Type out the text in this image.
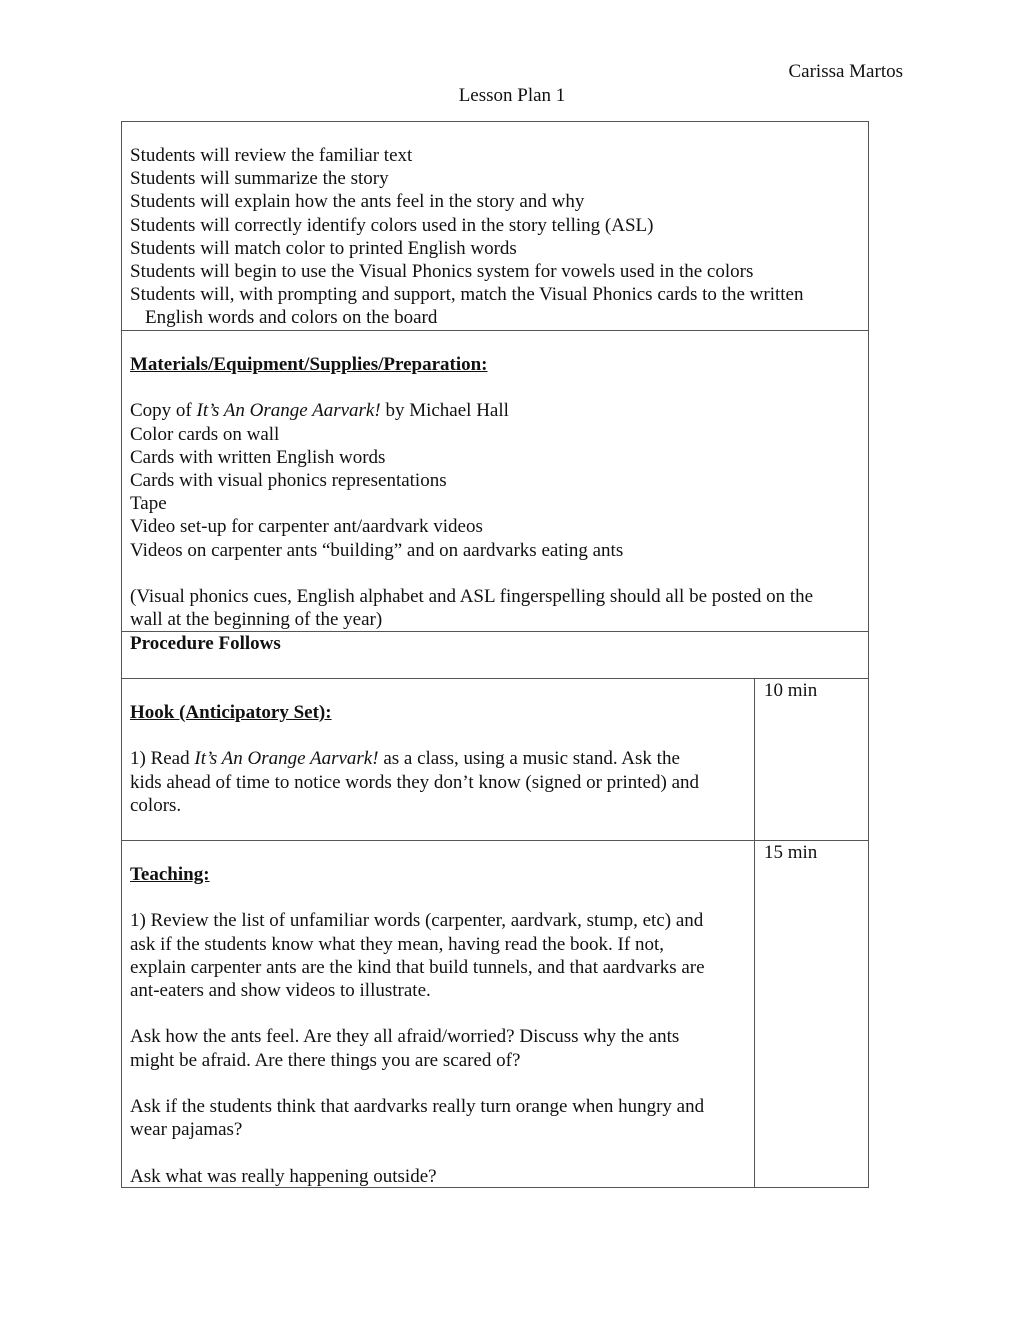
Carissa Martos
Lesson Plan 1
Students will review the familiar text
Students will summarize the story
Students will explain how the ants feel in the story and why
Students will correctly identify colors used in the story telling (ASL)
Students will match color to printed English words
Students will begin to use the Visual Phonics system for vowels used in the colors
Students will, with prompting and support, match the Visual Phonics cards to the written
English words and colors on the board
Materials/Equipment/Supplies/Preparation:
Copy of It’s An Orange Aarvark! by Michael Hall
Color cards on wall
Cards with written English words
Cards with visual phonics representations
Tape
Video set-up for carpenter ant/aardvark videos
Videos on carpenter ants “building” and on aardvarks eating ants
(Visual phonics cues, English alphabet and ASL fingerspelling should all be posted on the
wall at the beginning of the year)
Procedure Follows
Hook (Anticipatory Set):
1) Read It’s An Orange Aarvark! as a class, using a music stand. Ask the
kids ahead of time to notice words they don’t know (signed or printed) and
colors.
10 min
Teaching:
1) Review the list of unfamiliar words (carpenter, aardvark, stump, etc) and
ask if the students know what they mean, having read the book. If not,
explain carpenter ants are the kind that build tunnels, and that aardvarks are
ant-eaters and show videos to illustrate.
Ask how the ants feel. Are they all afraid/worried? Discuss why the ants
might be afraid. Are there things you are scared of?
Ask if the students think that aardvarks really turn orange when hungry and
wear pajamas?
Ask what was really happening outside?
15 min
